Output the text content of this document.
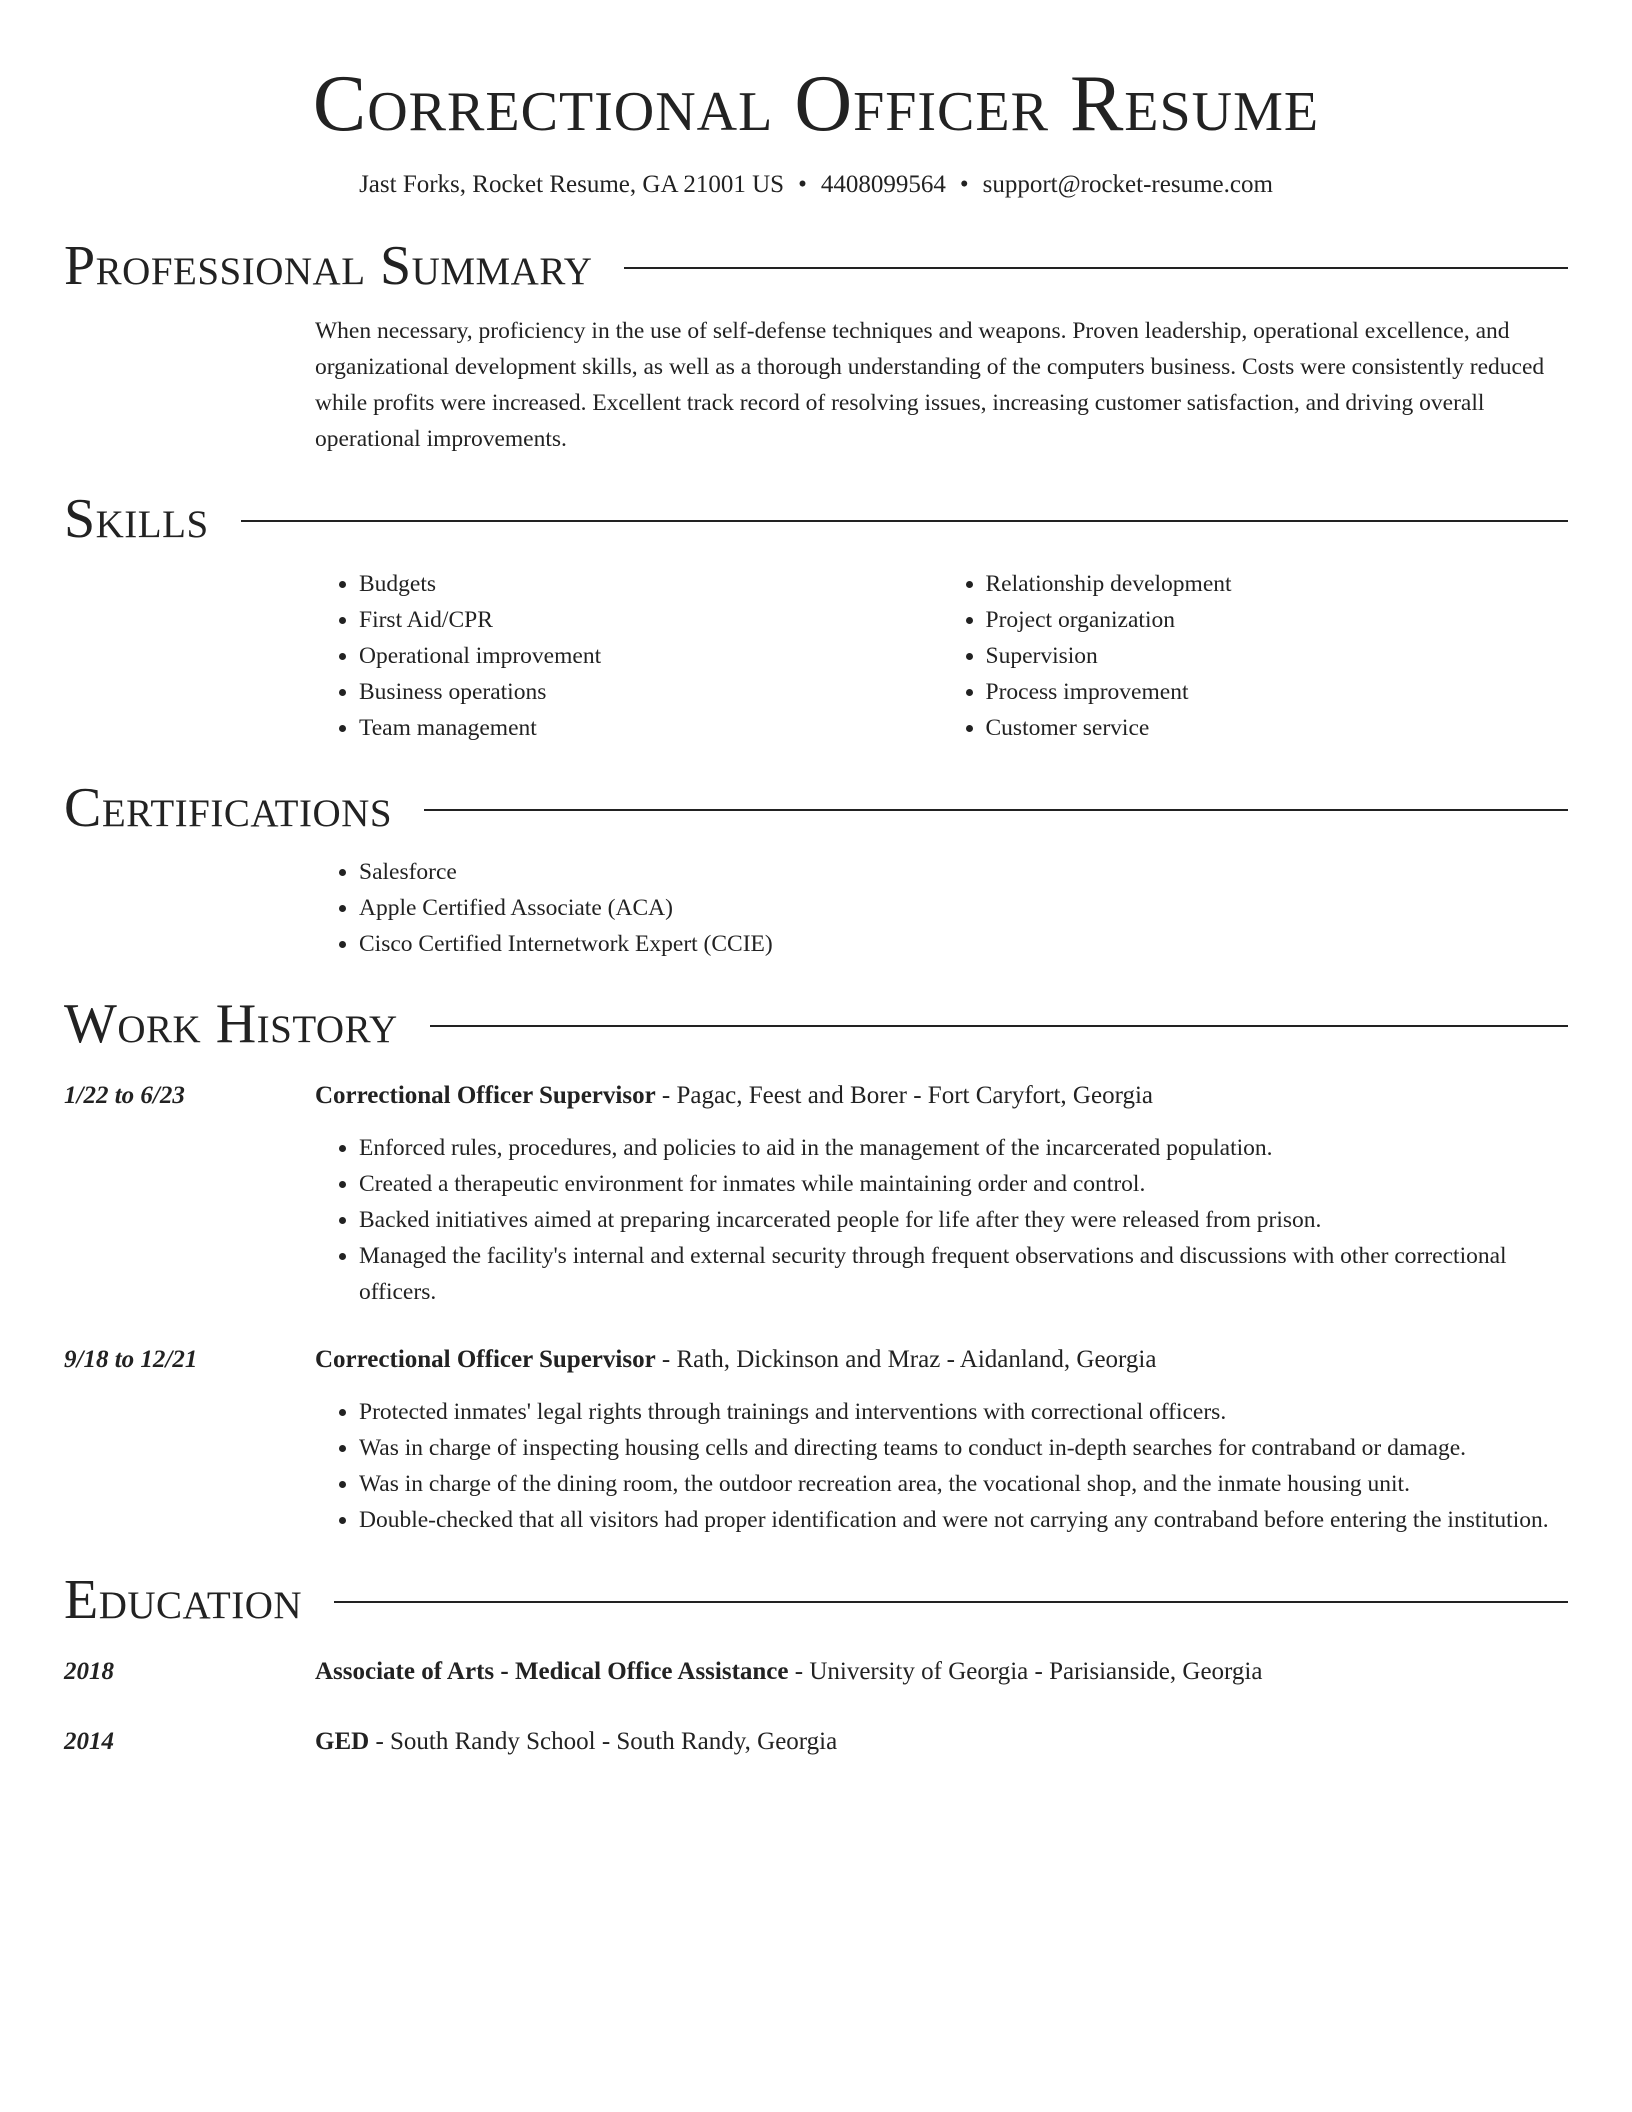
Correctional Officer Resume
Jast Forks, Rocket Resume, GA 21001 US • 4408099564 • support@rocket-resume.com
Professional Summary

When necessary, proficiency in the use of self-defense techniques and weapons. Proven leadership, operational excellence, and organizational development skills, as well as a thorough understanding of the computers business. Costs were consistently reduced while profits were increased. Excellent track record of resolving issues, increasing customer satisfaction, and driving overall operational improvements.

Skills
• Budgets
• First Aid/CPR
• Operational improvement
• Business operations
• Team management
• Relationship development
• Project organization
• Supervision
• Process improvement
• Customer service
Certifications
• Salesforce
• Apple Certified Associate (ACA)
• Cisco Certified Internetwork Expert (CCIE)
Work History
1/22 to 6/23	Correctional Officer Supervisor - Pagac, Feest and Borer - Fort Caryfort, Georgia
• Enforced rules, procedures, and policies to aid in the management of the incarcerated population.
• Created a therapeutic environment for inmates while maintaining order and control.
• Backed initiatives aimed at preparing incarcerated people for life after they were released from prison.
• Managed the facility's internal and external security through frequent observations and discussions with other correctional officers.
9/18 to 12/21	Correctional Officer Supervisor - Rath, Dickinson and Mraz - Aidanland, Georgia
• Protected inmates' legal rights through trainings and interventions with correctional officers.
• Was in charge of inspecting housing cells and directing teams to conduct in-depth searches for contraband or damage.
• Was in charge of the dining room, the outdoor recreation area, the vocational shop, and the inmate housing unit.
• Double-checked that all visitors had proper identification and were not carrying any contraband before entering the institution.
Education
2018	Associate of Arts - Medical Office Assistance - University of Georgia - Parisianside, Georgia
2014	GED - South Randy School - South Randy, Georgia
